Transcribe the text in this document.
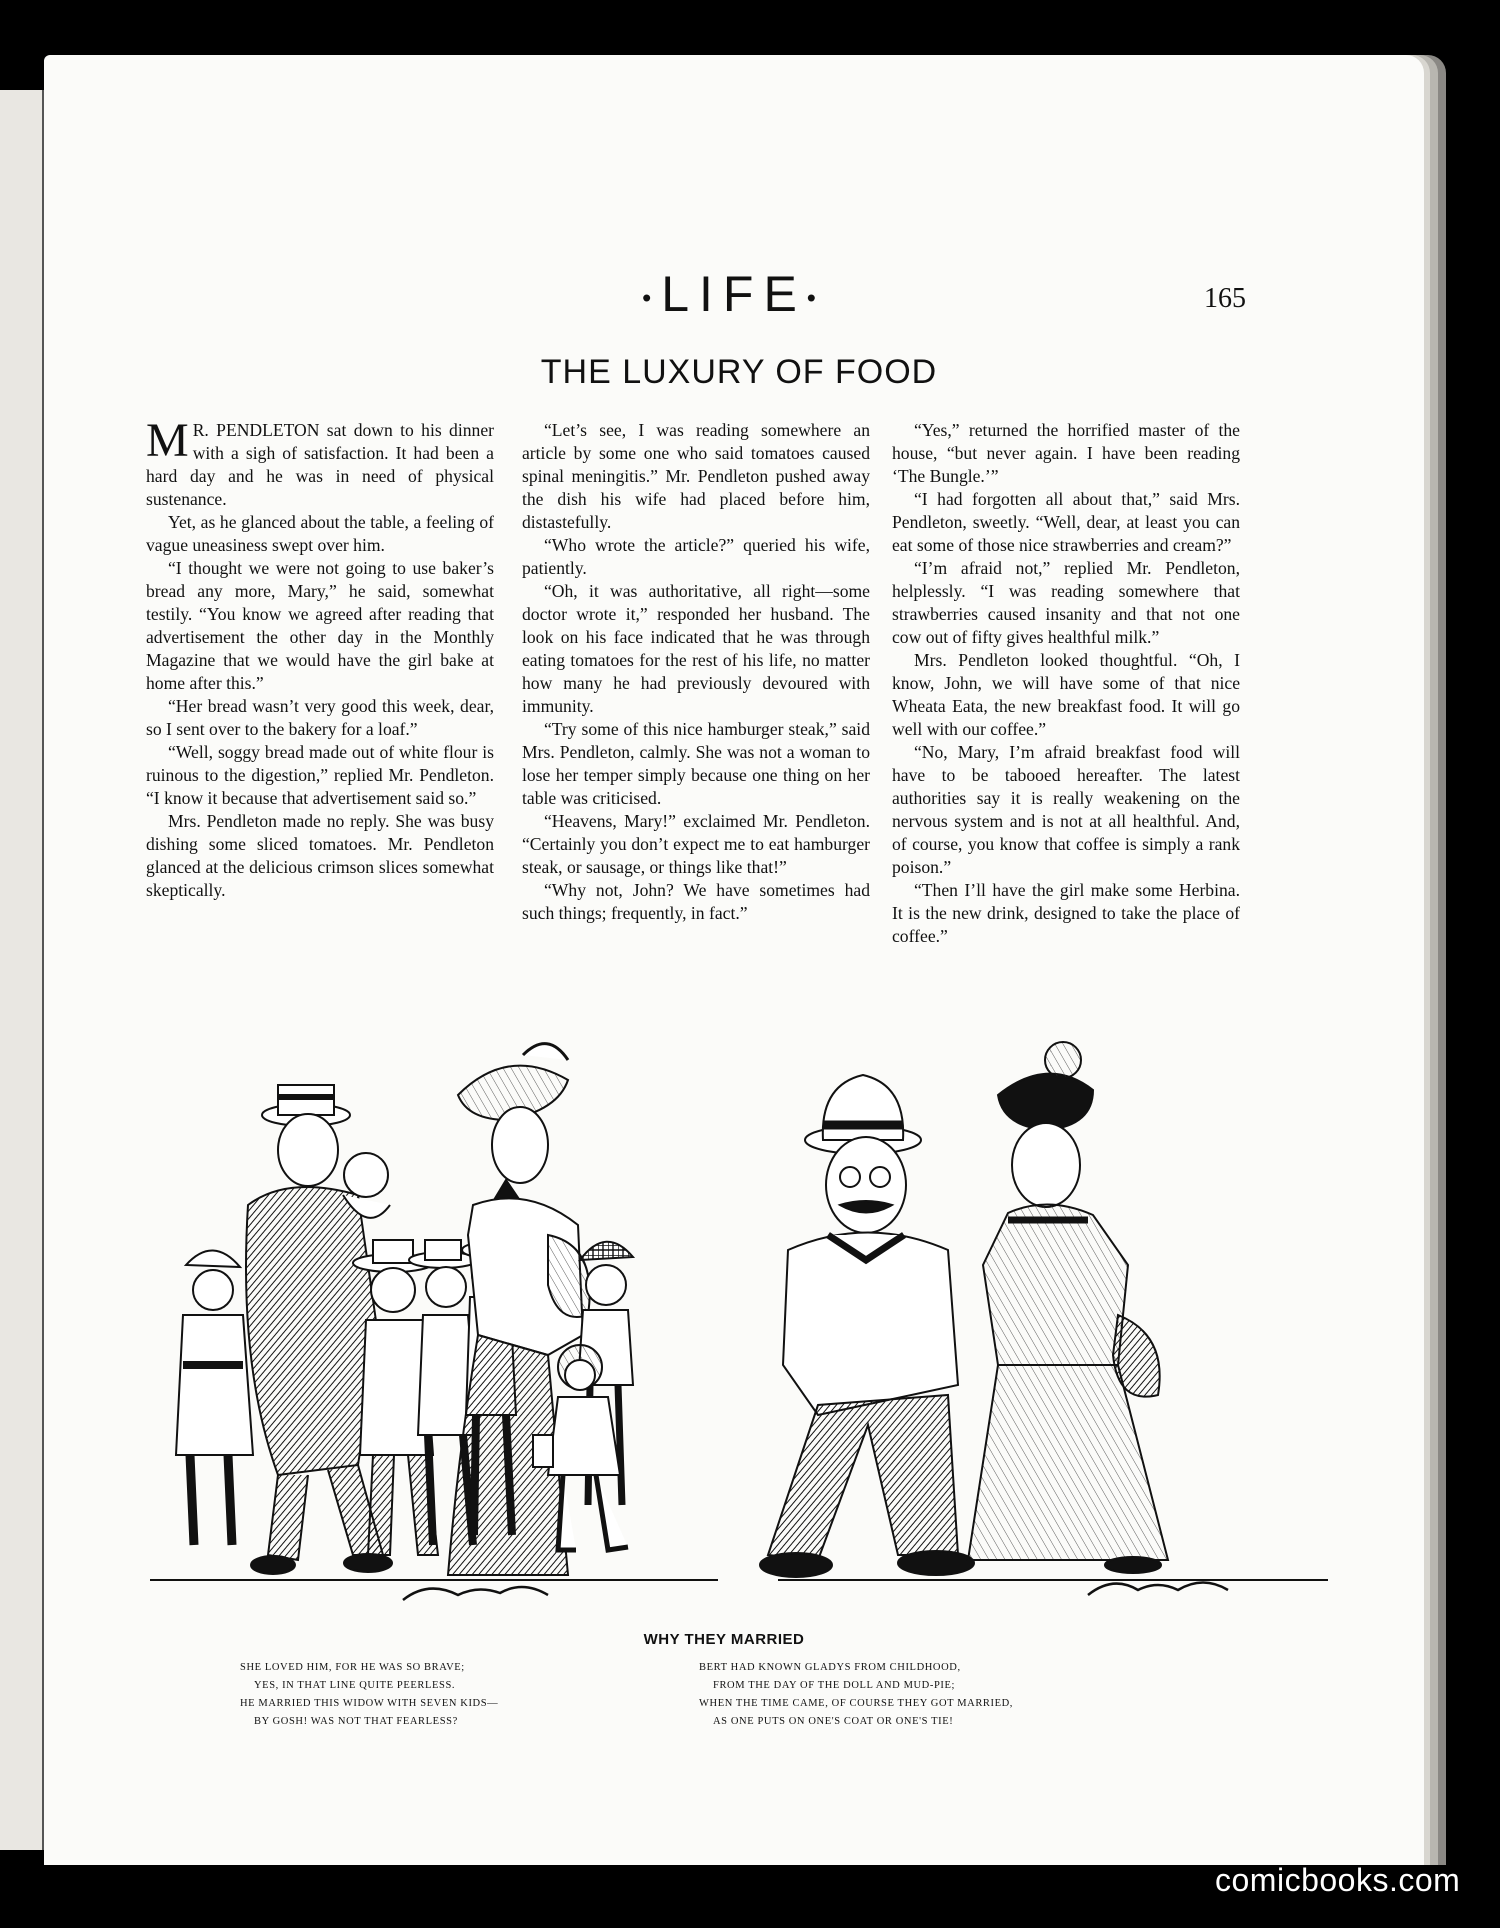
•LIFE•	165
THE LUXURY OF FOOD

M R. PENDLETON sat down to his dinner with a sigh of satisfaction. It had been a hard day and he was in need of physical sustenance.

Yet, as he glanced about the table, a feeling of vague uneasiness swept over him.

“I thought we were not going to use baker’s bread any more, Mary,” he said, somewhat testily. “You know we agreed after reading that advertisement the other day in the Monthly Magazine that we would have the girl bake at home after this.”

“Her bread wasn’t very good this week, dear, so I sent over to the bakery for a loaf.”

“Well, soggy bread made out of white flour is ruinous to the digestion,” replied Mr. Pendleton. “I know it because that advertisement said so.”

Mrs. Pendleton made no reply. She was busy dishing some sliced tomatoes. Mr. Pendleton glanced at the delicious crimson slices somewhat skeptically.

“Let’s see, I was reading somewhere an article by some one who said tomatoes caused spinal meningitis.” Mr. Pendleton pushed away the dish his wife had placed before him, distastefully.

“Who wrote the article?” queried his wife, patiently.

“Oh, it was authoritative, all right—some doctor wrote it,” responded her husband. The look on his face indicated that he was through eating tomatoes for the rest of his life, no matter how many he had previously devoured with immunity.

“Try some of this nice hamburger steak,” said Mrs. Pendleton, calmly. She was not a woman to lose her temper simply because one thing on her table was criticised.

“Heavens, Mary!” exclaimed Mr. Pendleton. “Certainly you don’t expect me to eat hamburger steak, or sausage, or things like that!”

“Why not, John? We have sometimes had such things; frequently, in fact.”

“Yes,” returned the horrified master of the house, “but never again. I have been reading ‘The Bungle.’”

“I had forgotten all about that,” said Mrs. Pendleton, sweetly. “Well, dear, at least you can eat some of those nice strawberries and cream?”

“I’m afraid not,” replied Mr. Pendleton, helplessly. “I was reading somewhere that strawberries caused insanity and that not one cow out of fifty gives healthful milk.”

Mrs. Pendleton looked thoughtful. “Oh, I know, John, we will have some of that nice Wheata Eata, the new breakfast food. It will go well with our coffee.”

“No, Mary, I’m afraid breakfast food will have to be tabooed hereafter. The latest authorities say it is really weakening on the nervous system and is not at all healthful. And, of course, you know that coffee is simply a rank poison.”

“Then I’ll have the girl make some Herbina. It is the new drink, designed to take the place of coffee.”

WHY THEY MARRIED
SHE LOVED HIM, FOR HE WAS SO BRAVE;
YES, IN THAT LINE QUITE PEERLESS.
HE MARRIED THIS WIDOW WITH SEVEN KIDS—
BY GOSH! WAS NOT THAT FEARLESS?
BERT HAD KNOWN GLADYS FROM CHILDHOOD,
FROM THE DAY OF THE DOLL AND MUD-PIE;
WHEN THE TIME CAME, OF COURSE THEY GOT MARRIED,
AS ONE PUTS ON ONE'S COAT OR ONE'S TIE!
comicbooks.com
